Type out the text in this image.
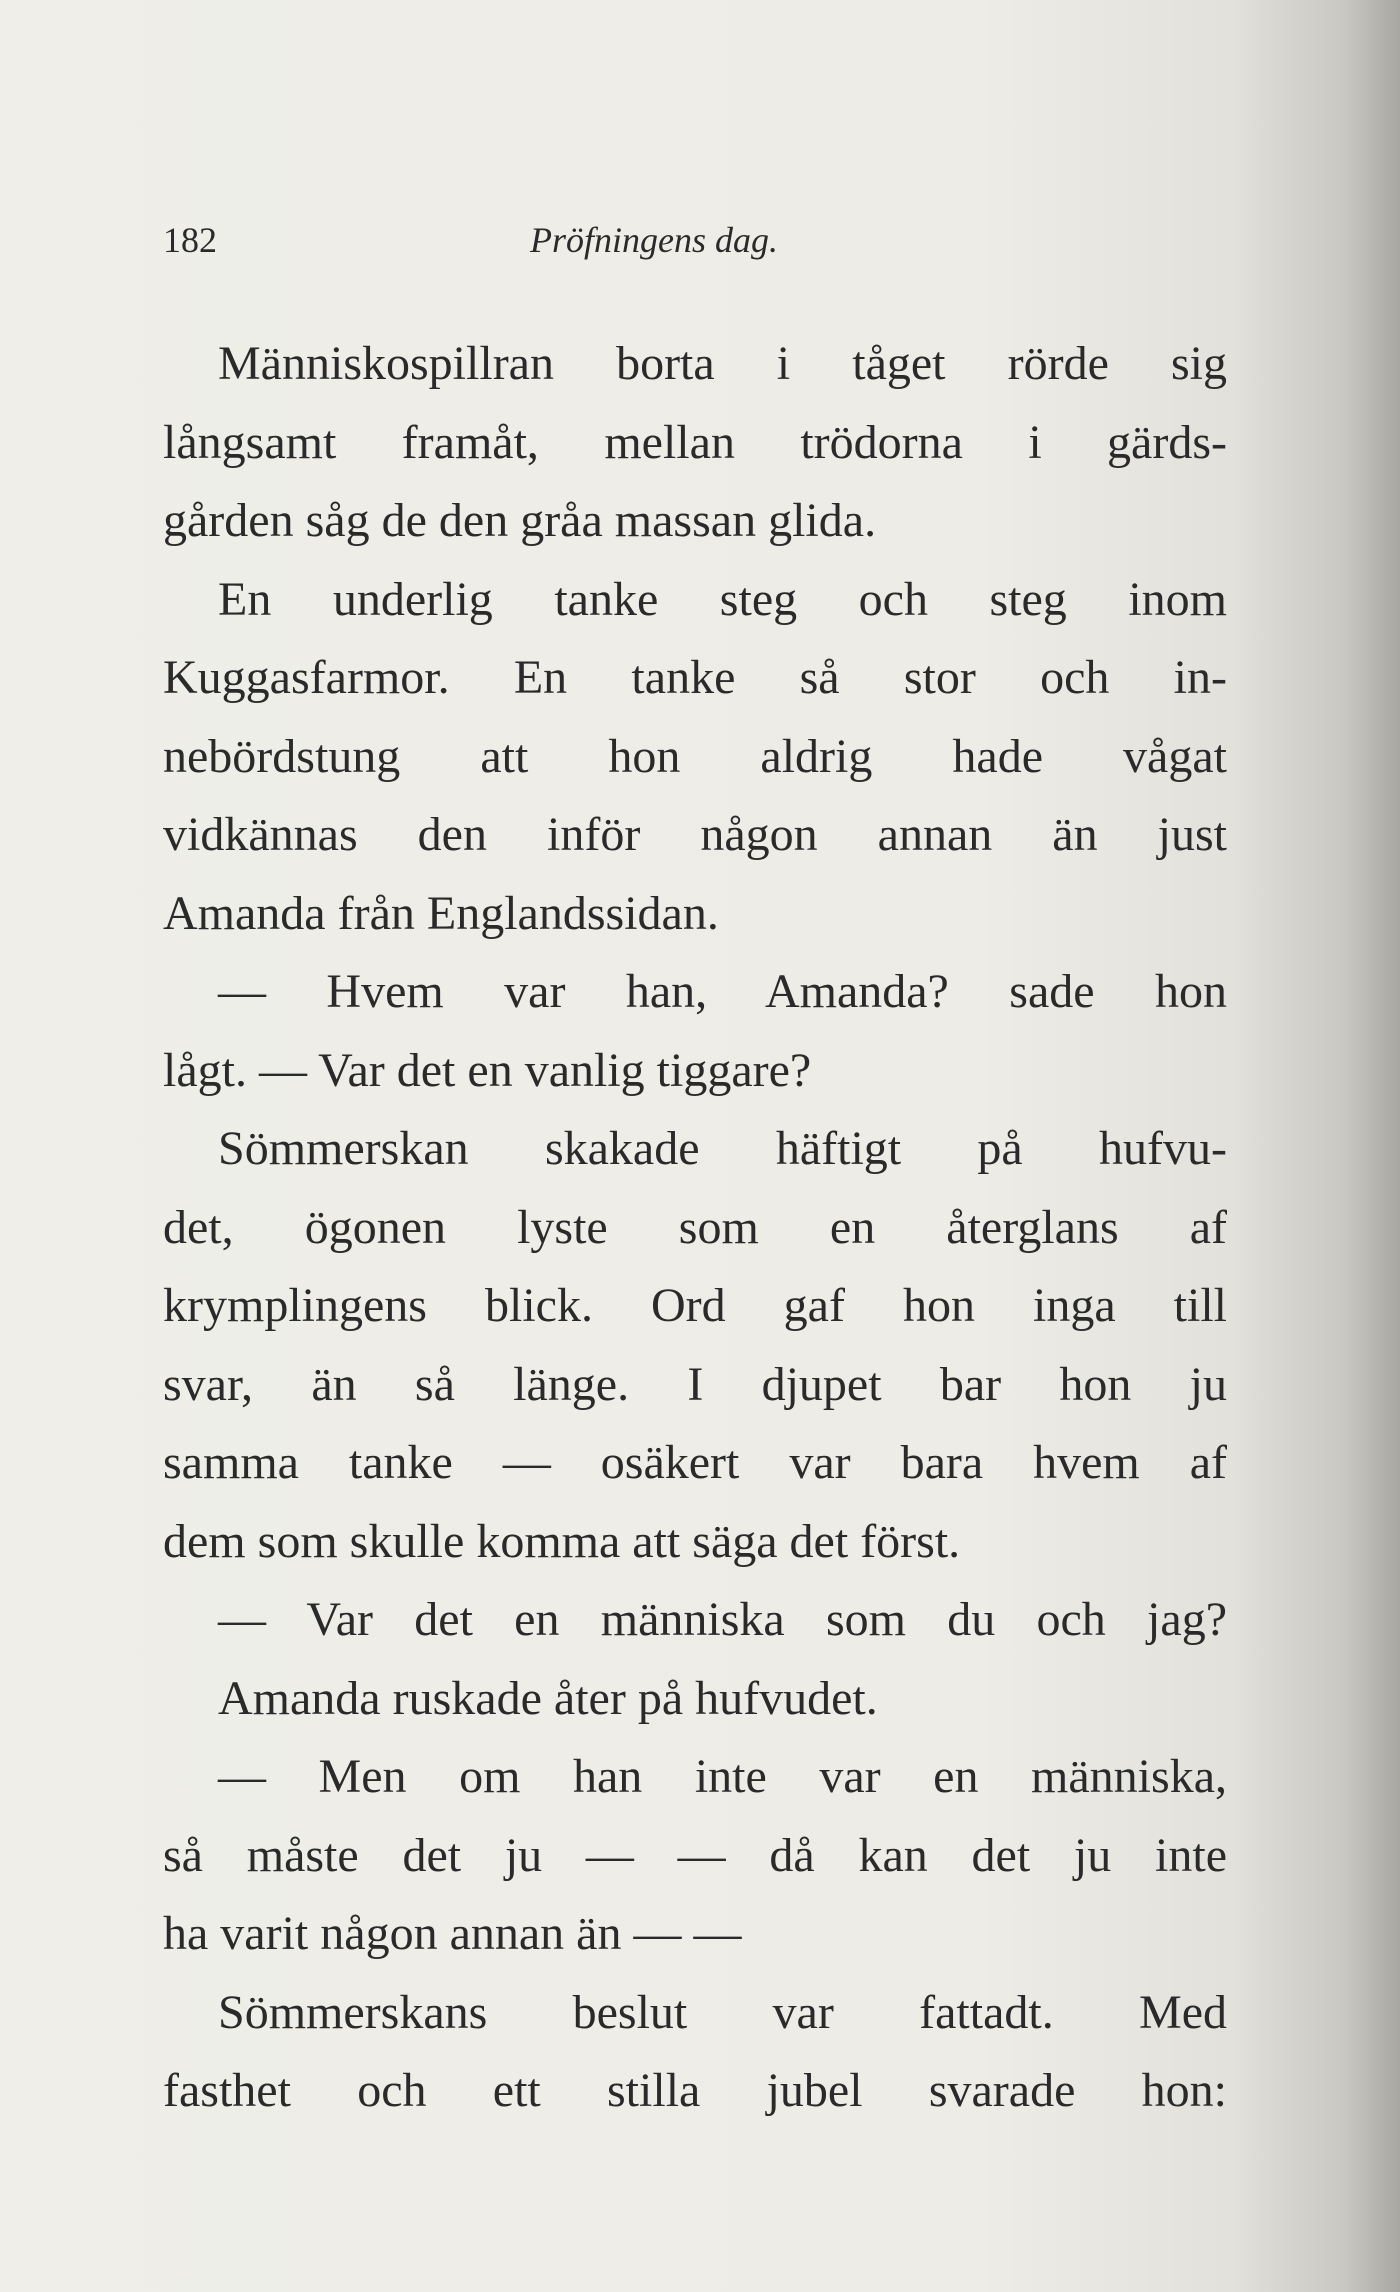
182	Pröfningens dag.
Människospillran borta i tåget rörde sig
långsamt framåt, mellan trödorna i gärds-
gården såg de den gråa massan glida.
En underlig tanke steg och steg inom
Kuggasfarmor. En tanke så stor och in-
nebördstung att hon aldrig hade vågat
vidkännas den inför någon annan än just
Amanda från Englandssidan.
— Hvem var han, Amanda? sade hon
lågt. — Var det en vanlig tiggare?
Sömmerskan skakade häftigt på hufvu-
det, ögonen lyste som en återglans af
krymplingens blick. Ord gaf hon inga till
svar, än så länge. I djupet bar hon ju
samma tanke — osäkert var bara hvem af
dem som skulle komma att säga det först.
— Var det en människa som du och jag?
Amanda ruskade åter på hufvudet.
— Men om han inte var en människa,
så måste det ju — — då kan det ju inte
ha varit någon annan än — —
Sömmerskans beslut var fattadt. Med
fasthet och ett stilla jubel svarade hon:
